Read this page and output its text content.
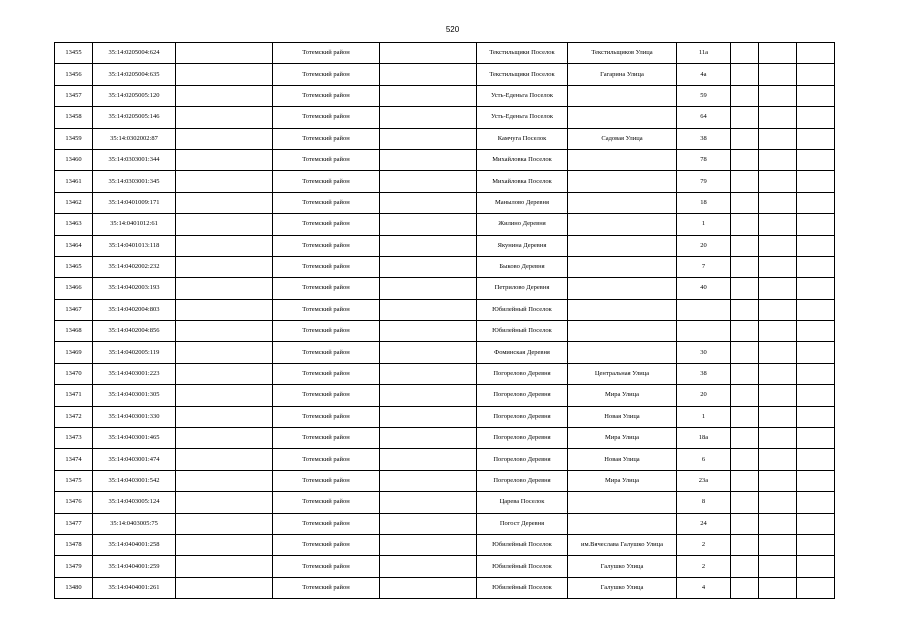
520
13455	35:14:0205004:624		Тотемский район		Текстильщики Поселок	Текстильщиков Улица	11а			
13456	35:14:0205004:635		Тотемский район		Текстильщики Поселок	Гагарина Улица	4а			
13457	35:14:0205005:120		Тотемский район		Усть-Еденьга Поселок		59			
13458	35:14:0205005:146		Тотемский район		Усть-Еденьга Поселок		64			
13459	35:14:0302002:87		Тотемский район		Камчуга Поселок	Садовая Улица	38			
13460	35:14:0303001:344		Тотемский район		Михайловка Поселок		78			
13461	35:14:0303001:345		Тотемский район		Михайловка Поселок		79			
13462	35:14:0401009:171		Тотемский район		Манылово Деревня		18			
13463	35:14:0401012:61		Тотемский район		Жилино Деревня		1			
13464	35:14:0401013:118		Тотемский район		Якунина Деревня		20			
13465	35:14:0402002:232		Тотемский район		Быково Деревня		7			
13466	35:14:0402003:193		Тотемский район		Петрилово Деревня		40			
13467	35:14:0402004:803		Тотемский район		Юбилейный Поселок					
13468	35:14:0402004:856		Тотемский район		Юбилейный Поселок					
13469	35:14:0402005:119		Тотемский район		Фоминская Деревня		30			
13470	35:14:0403001:223		Тотемский район		Погорелово Деревня	Центральная Улица	38			
13471	35:14:0403001:305		Тотемский район		Погорелово Деревня	Мира Улица	20			
13472	35:14:0403001:330		Тотемский район		Погорелово Деревня	Новая Улица	1			
13473	35:14:0403001:465		Тотемский район		Погорелово Деревня	Мира Улица	18а			
13474	35:14:0403001:474		Тотемский район		Погорелово Деревня	Новая Улица	6			
13475	35:14:0403001:542		Тотемский район		Погорелово Деревня	Мира Улица	23а			
13476	35:14:0403005:124		Тотемский район		Царева Поселок		8			
13477	35:14:0403005:75		Тотемский район		Погост Деревня		24			
13478	35:14:0404001:258		Тотемский район		Юбилейный Поселок	им.Вячеслава Галушко Улица	2			
13479	35:14:0404001:259		Тотемский район		Юбилейный Поселок	Галушко Улица	2			
13480	35:14:0404001:261		Тотемский район		Юбилейный Поселок	Галушко Улица	4			
